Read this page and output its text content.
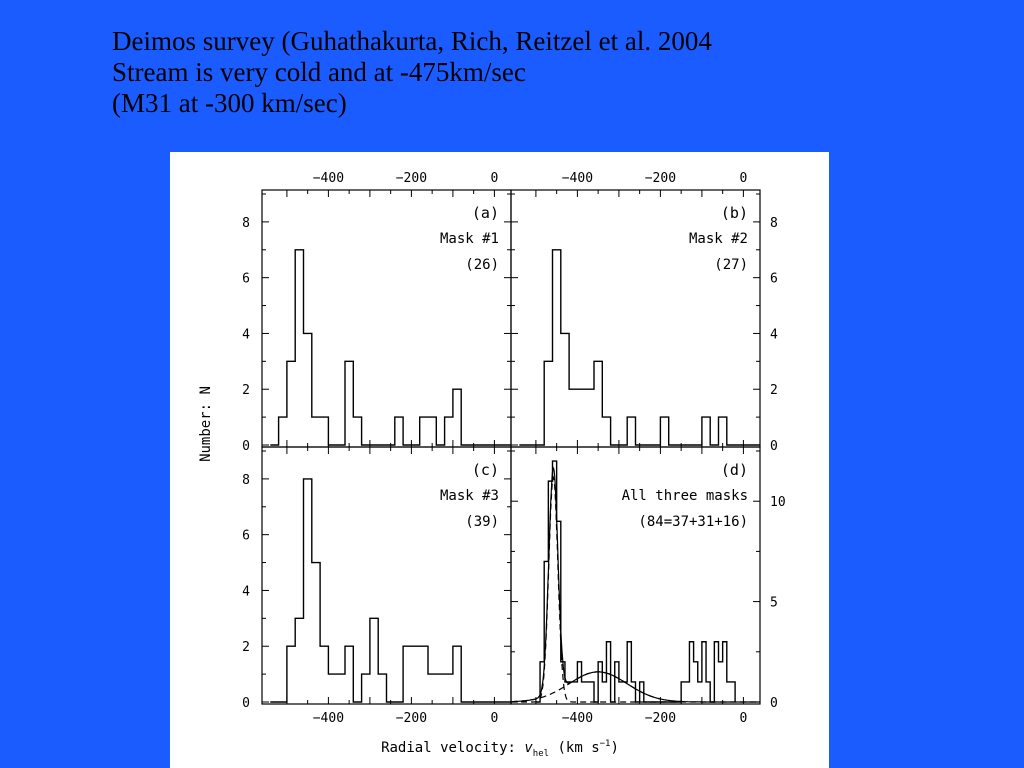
Deimos survey (Guhathakurta, Rich, Reitzel et al. 2004
Stream is very cold and at -475km/sec
(M31 at -300 km/sec)
−400	−200	0
0
2
4
6
8
(a)
Mask #1
(26)
−400	−200	0
0
2
4
6
8
(b)
Mask #2
(27)
−400	−200	0
0
2
4
6
8
(c)
Mask #3
(39)
−400	−200	0
0
5
10
(d)
All three masks
(84=37+31+16)
Number: N
Radial velocity: $v_{hel}$ (km $s^{-1}$)
